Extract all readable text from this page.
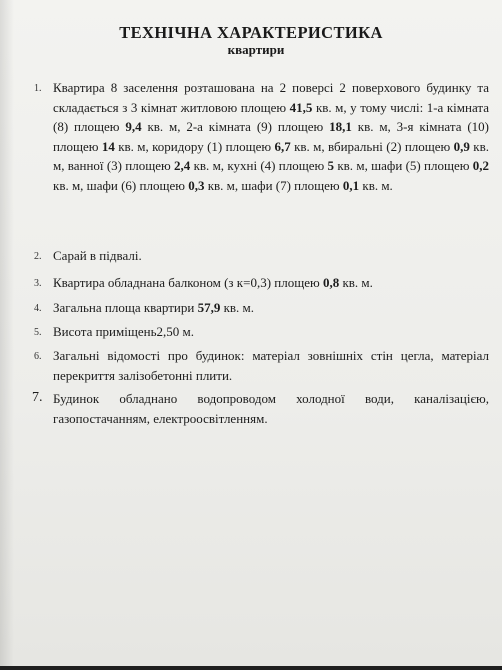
ТЕХНІЧНА ХАРАКТЕРИСТИКА
квартири
1. Квартира 8 заселення розташована на 2 поверсі 2 поверхового будинку та складається з 3 кімнат житловою площею 41,5 кв. м, у тому числі: 1-а кімната (8) площею 9,4 кв. м, 2-а кімната (9) площею 18,1 кв. м, 3-я кімната (10) площею 14 кв. м, коридору (1) площею 6,7 кв. м, вбиральні (2) площею 0,9 кв. м, ванної (3) площею 2,4 кв. м, кухні (4) площею 5 кв. м, шафи (5) площею 0,2 кв. м, шафи (6) площею 0,3 кв. м, шафи (7) площею 0,1 кв. м.
2. Сарай в підвалі.
3. Квартира обладнана балконом (з к=0,3) площею 0,8 кв. м.
4. Загальна площа квартири 57,9 кв. м.
5. Висота приміщень2,50 м.
6. Загальні відомості про будинок: матеріал зовнішніх стін цегла, матеріал перекриття залізобетонні плити.
7. Будинок обладнано водопроводом холодної води, каналізацією, газопостачанням, електроосвітленням.
